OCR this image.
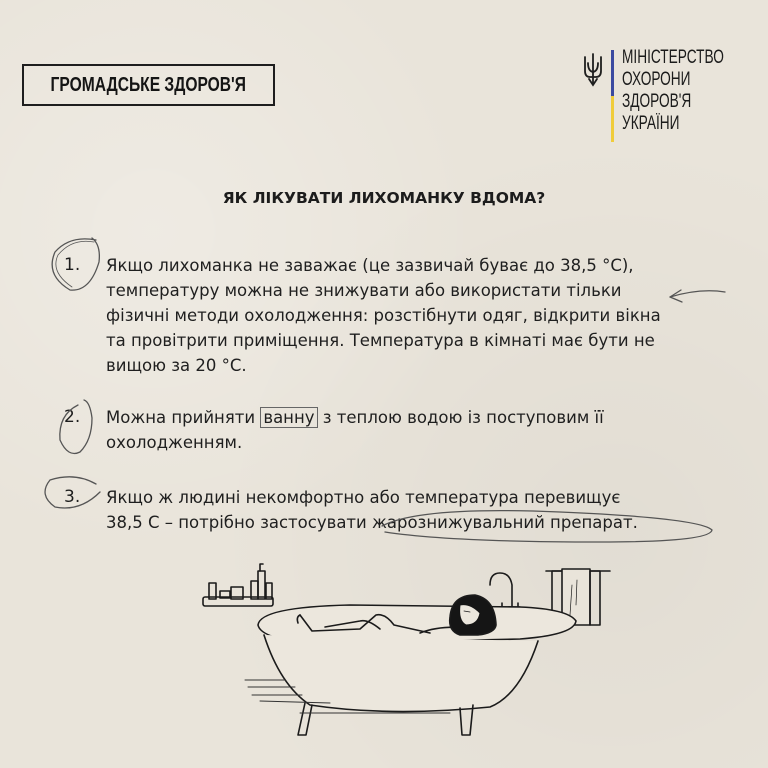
ГРОМАДСЬКЕ ЗДОРОВ'Я
МІНІСТЕРСТВО
ОХОРОНИ
ЗДОРОВ'Я
УКРАЇНИ
ЯК ЛІКУВАТИ ЛИХОМАНКУ ВДОМА?
1. Якщо лихоманка не заважає (це зазвичай буває до 38,5 °C),
температуру можна не знижувати або використати тільки
фізичні методи охолодження: розстібнути одяг, відкрити вікна
та провітрити приміщення. Температура в кімнаті має бути не
вищою за 20 °C.
2. Можна прийняти ванну з теплою водою із поступовим її
охолодженням.
3. Якщо ж людині некомфортно або температура перевищує
38,5 С – потрібно застосувати жарознижувальний препарат.
